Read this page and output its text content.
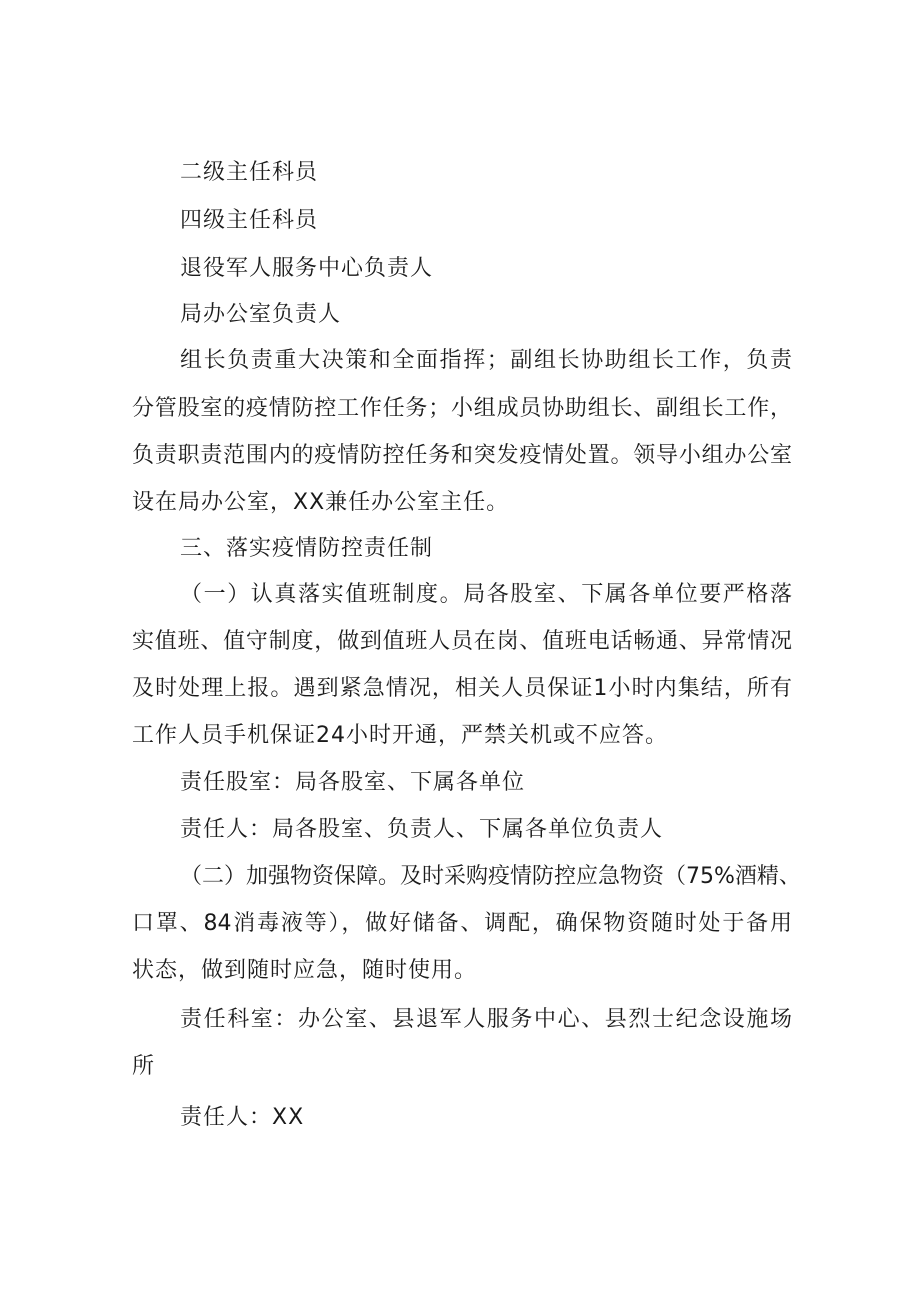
二级主任科员
四级主任科员
退役军人服务中心负责人
局办公室负责人
组长负责重大决策和全面指挥；副组长协助组长工作，负责
分管股室的疫情防控工作任务；小组成员协助组长、副组长工作，
负责职责范围内的疫情防控任务和突发疫情处置。领导小组办公室
设在局办公室，XX兼任办公室主任。
三、落实疫情防控责任制
（一）认真落实值班制度。局各股室、下属各单位要严格落
实值班、值守制度，做到值班人员在岗、值班电话畅通、异常情况
及时处理上报。遇到紧急情况，相关人员保证1小时内集结，所有
工作人员手机保证24小时开通，严禁关机或不应答。
责任股室：局各股室、下属各单位
责任人：局各股室、负责人、下属各单位负责人
（二）加强物资保障。及时采购疫情防控应急物资（75%酒精、
口罩、84消毒液等），做好储备、调配，确保物资随时处于备用
状态，做到随时应急，随时使用。
责任科室：办公室、县退军人服务中心、县烈士纪念设施场
所
责任人：XX
